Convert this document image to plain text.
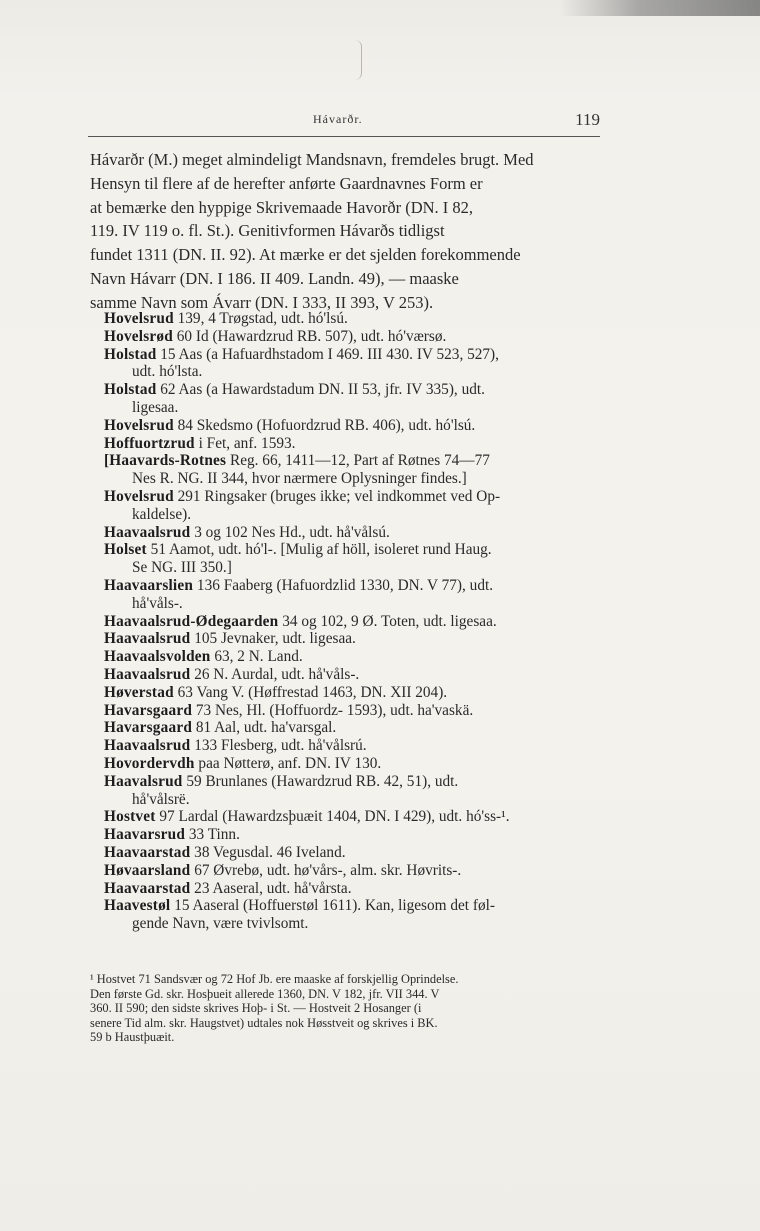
Hávarðr.	119
Hávarðr (M.) meget almindeligt Mandsnavn, fremdeles brugt. Med
Hensyn til flere af de herefter anførte Gaardnavnes Form er
at bemærke den hyppige Skrivemaade Havorðr (DN. I 82,
119. IV 119 o. fl. St.). Genitivformen Hávarðs tidligst
fundet 1311 (DN. II. 92). At mærke er det sjelden forekommende
Navn Hávarr (DN. I 186. II 409. Landn. 49), — maaske
samme Navn som Ávarr (DN. I 333, II 393, V 253).
Hovelsrud 139, 4 Trøgstad, udt. hó'lsú.
Hovelsrød 60 Id (Hawardzrud RB. 507), udt. hó'værsø.
Holstad 15 Aas (a Hafuardhstadom I 469. III 430. IV 523, 527),
udt. hó'lsta.
Holstad 62 Aas (a Hawardstadum DN. II 53, jfr. IV 335), udt.
ligesaa.
Hovelsrud 84 Skedsmo (Hofuordzrud RB. 406), udt. hó'lsú.
Hoffuortzrud i Fet, anf. 1593.
[Haavards-Rotnes Reg. 66, 1411—12, Part af Røtnes 74—77
Nes R. NG. II 344, hvor nærmere Oplysninger findes.]
Hovelsrud 291 Ringsaker (bruges ikke; vel indkommet ved Op-
kaldelse).
Haavaalsrud 3 og 102 Nes Hd., udt. hå'vålsú.
Holset 51 Aamot, udt. hó'l-. [Mulig af höll, isoleret rund Haug.
Se NG. III 350.]
Haavaarslien 136 Faaberg (Hafuordzlid 1330, DN. V 77), udt.
hå'våls-.
Haavaalsrud-Ødegaarden 34 og 102, 9 Ø. Toten, udt. ligesaa.
Haavaalsrud 105 Jevnaker, udt. ligesaa.
Haavaalsvolden 63, 2 N. Land.
Haavaalsrud 26 N. Aurdal, udt. hå'våls-.
Høverstad 63 Vang V. (Høffrestad 1463, DN. XII 204).
Havarsgaard 73 Nes, Hl. (Hoffuordz- 1593), udt. ha'vaskä.
Havarsgaard 81 Aal, udt. ha'varsgal.
Haavaalsrud 133 Flesberg, udt. hå'vålsrú.
Hovordervdh paa Nøtterø, anf. DN. IV 130.
Haavalsrud 59 Brunlanes (Hawardzrud RB. 42, 51), udt.
hå'vålsrë.
Hostvet 97 Lardal (Hawardzsþuæit 1404, DN. I 429), udt. hó'ss-¹.
Haavarsrud 33 Tinn.
Haavaarstad 38 Vegusdal. 46 Iveland.
Høvaarsland 67 Øvrebø, udt. hø'vårs-, alm. skr. Høvrits-.
Haavaarstad 23 Aaseral, udt. hå'vårsta.
Haavestøl 15 Aaseral (Hoffuerstøl 1611). Kan, ligesom det føl-
gende Navn, være tvivlsomt.
¹ Hostvet 71 Sandsvær og 72 Hof Jb. ere maaske af forskjellig Oprindelse.
Den første Gd. skr. Hosþueit allerede 1360, DN. V 182, jfr. VII 344. V
360. II 590; den sidste skrives Hoþ- i St. — Hostveit 2 Hosanger (i
senere Tid alm. skr. Haugstvet) udtales nok Høsstveit og skrives i BK.
59 b Haustþuæit.
